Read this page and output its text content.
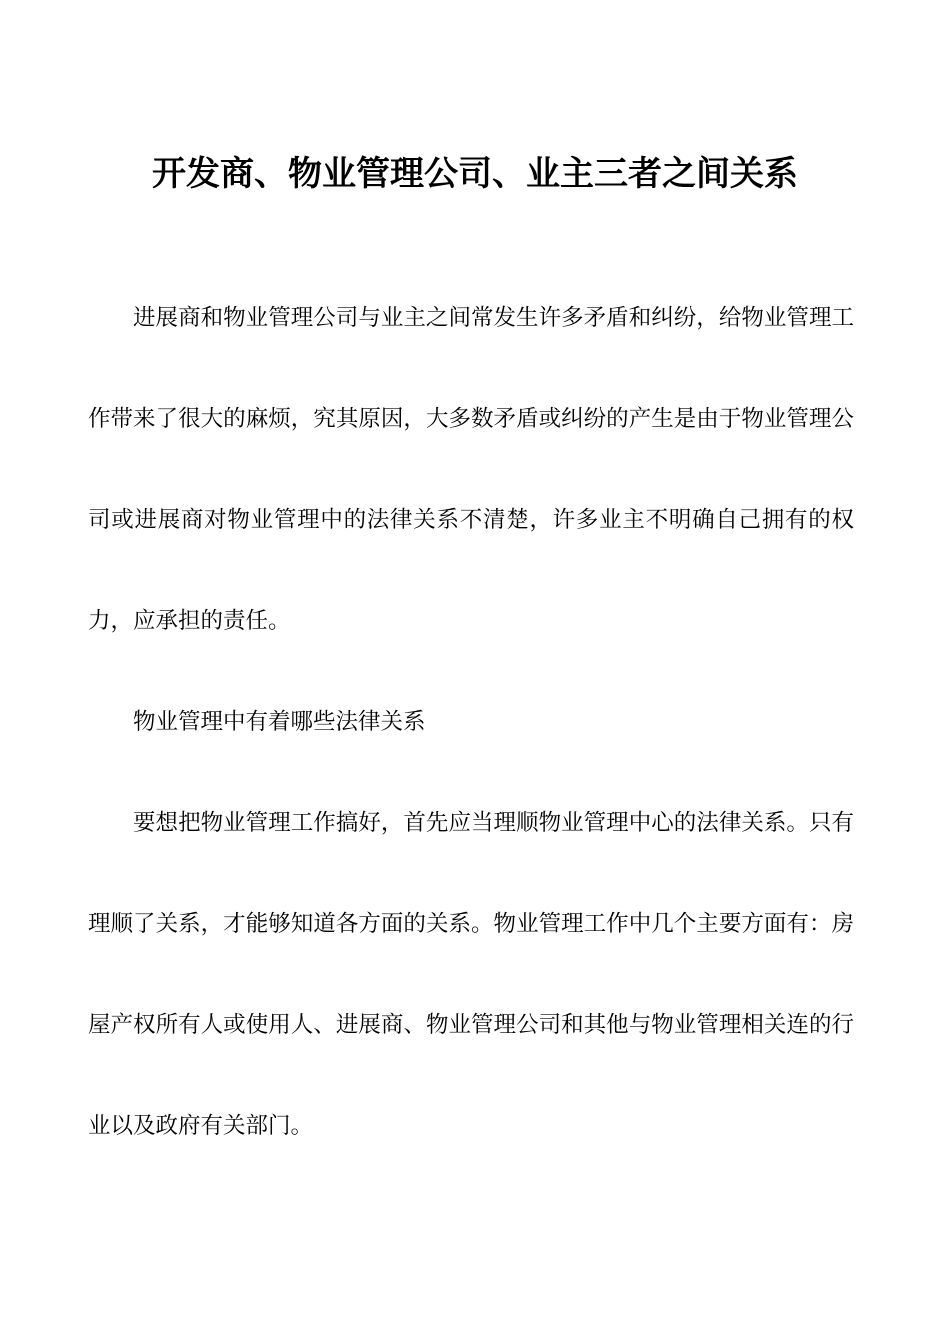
开发商、物业管理公司、业主三者之间关系

进展商和物业管理公司与业主之间常发生许多矛盾和纠纷，给物业管理工作带来了很大的麻烦，究其原因，大多数矛盾或纠纷的产生是由于物业管理公司或进展商对物业管理中的法律关系不清楚，许多业主不明确自己拥有的权力，应承担的责任。

物业管理中有着哪些法律关系

要想把物业管理工作搞好，首先应当理顺物业管理中心的法律关系。只有理顺了关系，才能够知道各方面的关系。物业管理工作中几个主要方面有：房屋产权所有人或使用人、进展商、物业管理公司和其他与物业管理相关连的行业以及政府有关部门。
